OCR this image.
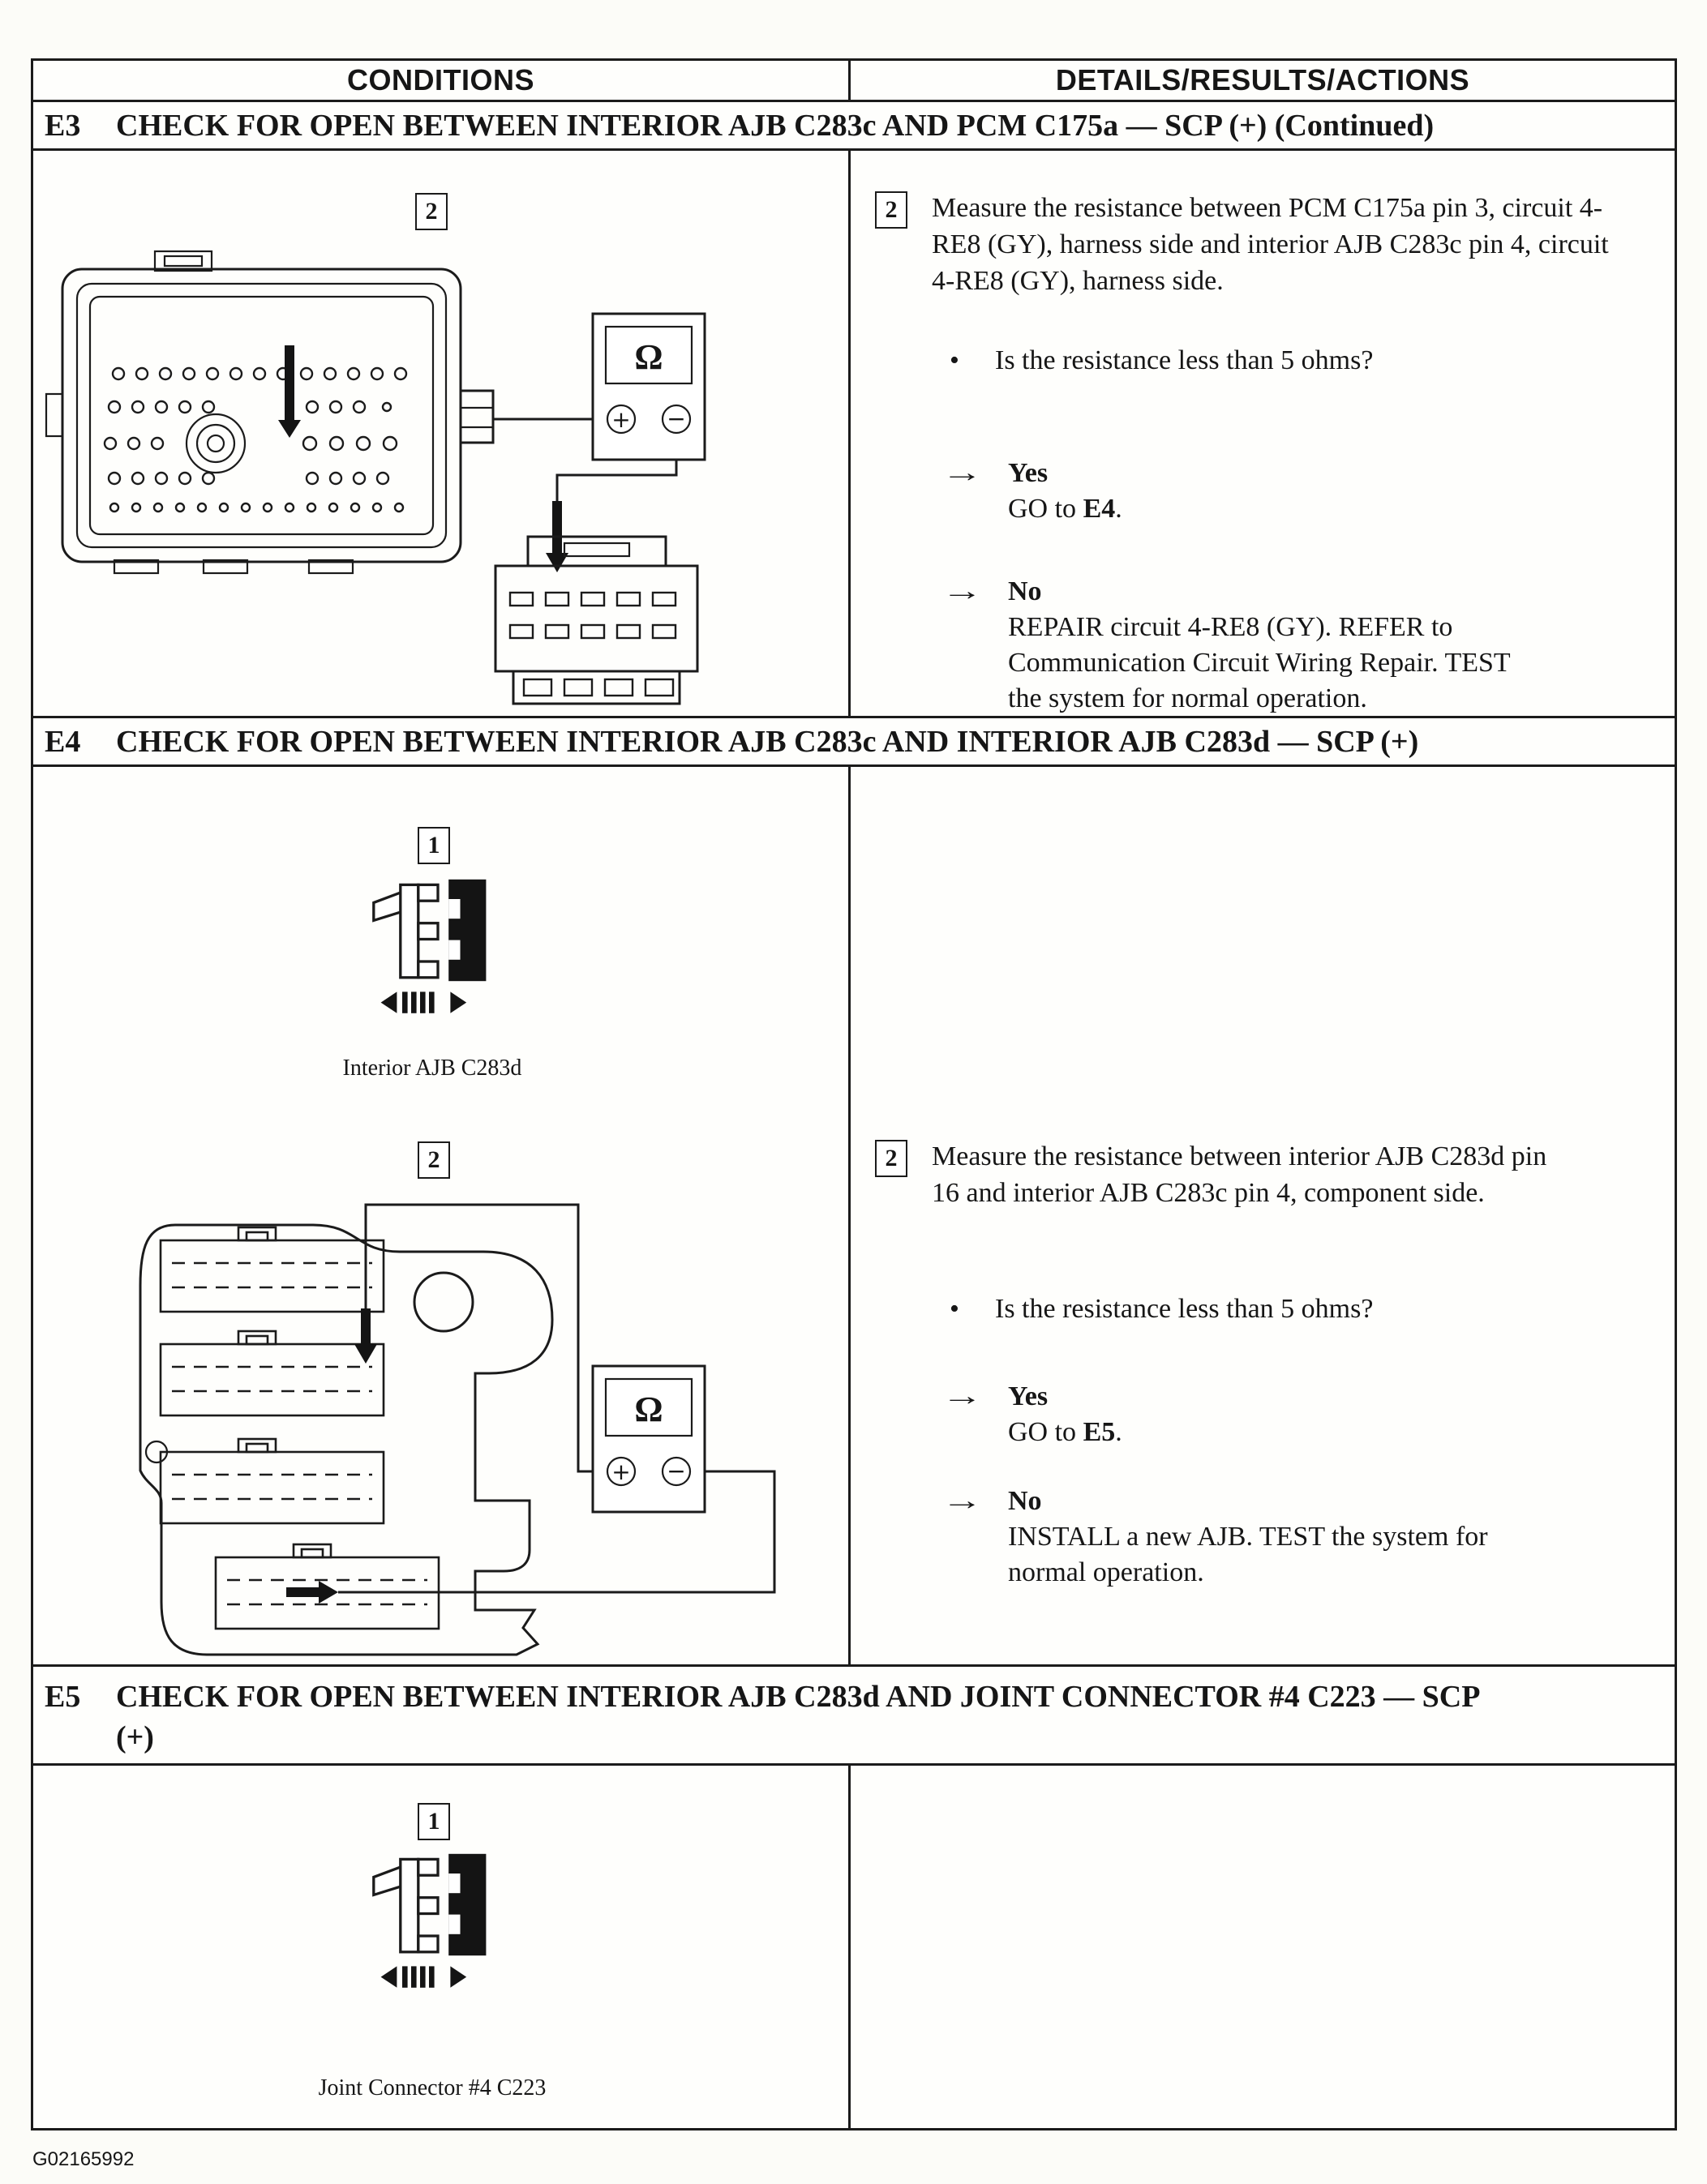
CONDITIONS	DETAILS/RESULTS/ACTIONS
E3	CHECK FOR OPEN BETWEEN INTERIOR AJB C283c AND PCM C175a — SCP (+) (Continued)
Ω
+ −
2	2	Measure the resistance between PCM C175a pin 3, circuit 4-RE8 (GY), harness side and interior AJB C283c pin 4, circuit 4-RE8 (GY), harness side.
•	Is the resistance less than 5 ohms?
→ Yes
GO to E4.
→ No
REPAIR circuit 4-RE8 (GY). REFER to Communication Circuit Wiring Repair. TEST the system for normal operation.
E4	CHECK FOR OPEN BETWEEN INTERIOR AJB C283c AND INTERIOR AJB C283d — SCP (+)
Ω
+ −
1
Interior AJB C283d
2	2	Measure the resistance between interior AJB C283d pin 16 and interior AJB C283c pin 4, component side.
•	Is the resistance less than 5 ohms?
→ Yes
GO to E5.
→ No
INSTALL a new AJB. TEST the system for normal operation.
E5	CHECK FOR OPEN BETWEEN INTERIOR AJB C283d AND JOINT CONNECTOR #4 C223 — SCP
(+)
1
Joint Connector #4 C223
G02165992
